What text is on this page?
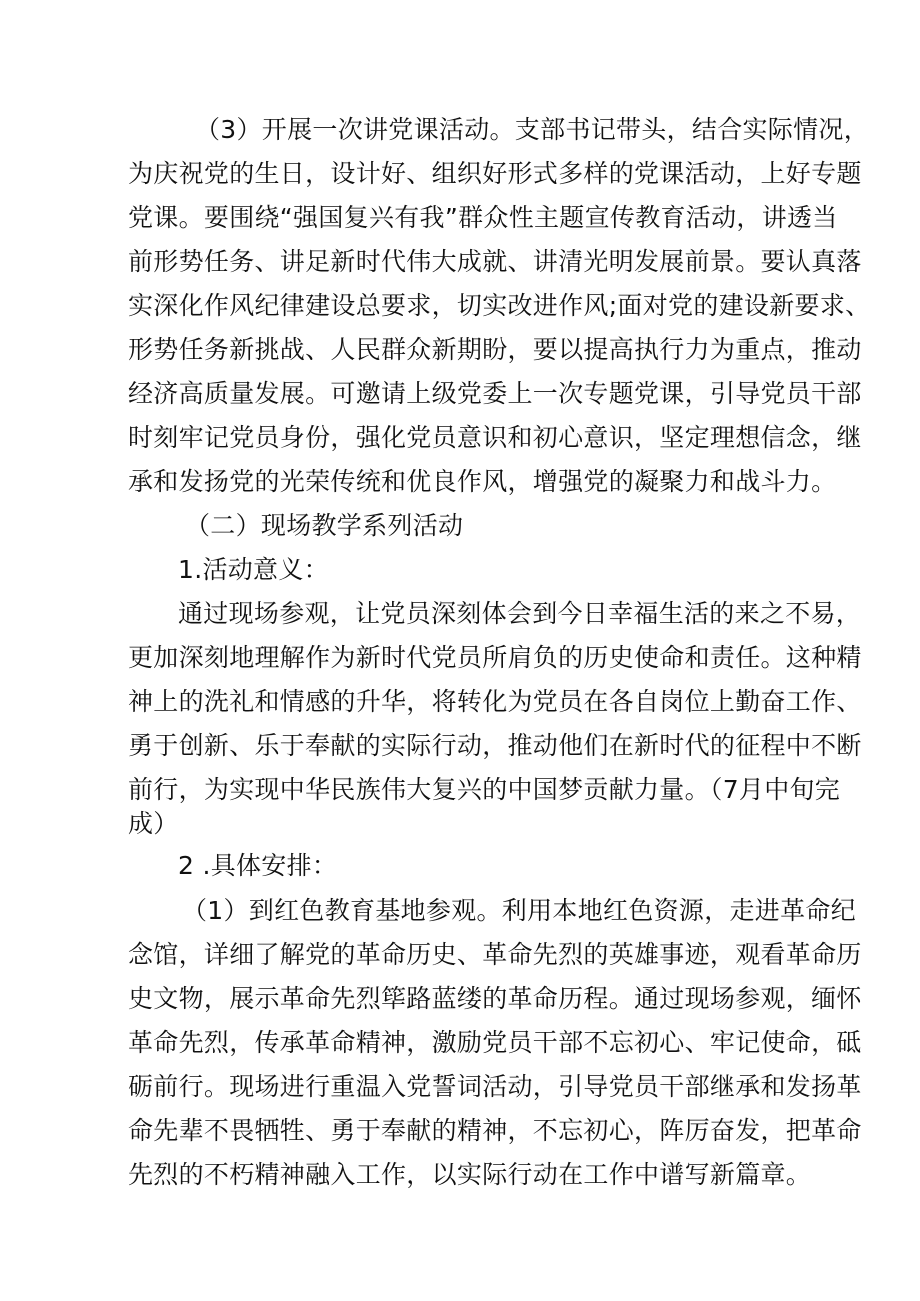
（3）开展一次讲党课活动。支部书记带头，结合实际情况，
为庆祝党的生日，设计好、组织好形式多样的党课活动，上好专题
党课。要围绕“强国复兴有我”群众性主题宣传教育活动，讲透当
前形势任务、讲足新时代伟大成就、讲清光明发展前景。要认真落
实深化作风纪律建设总要求，切实改进作风;面对党的建设新要求、
形势任务新挑战、人民群众新期盼，要以提高执行力为重点，推动
经济高质量发展。可邀请上级党委上一次专题党课，引导党员干部
时刻牢记党员身份，强化党员意识和初心意识，坚定理想信念，继
承和发扬党的光荣传统和优良作风，增强党的凝聚力和战斗力。
（二）现场教学系列活动
1.活动意义：
通过现场参观，让党员深刻体会到今日幸福生活的来之不易，
更加深刻地理解作为新时代党员所肩负的历史使命和责任。这种精
神上的洗礼和情感的升华，将转化为党员在各自岗位上勤奋工作、
勇于创新、乐于奉献的实际行动，推动他们在新时代的征程中不断
前行，为实现中华民族伟大复兴的中国梦贡献力量。（7月中旬完
成）
2 .具体安排：
（1）到红色教育基地参观。利用本地红色资源，走进革命纪
念馆，详细了解党的革命历史、革命先烈的英雄事迹，观看革命历
史文物，展示革命先烈筚路蓝缕的革命历程。通过现场参观，缅怀
革命先烈，传承革命精神，激励党员干部不忘初心、牢记使命，砥
砺前行。现场进行重温入党誓词活动，引导党员干部继承和发扬革
命先辈不畏牺牲、勇于奉献的精神，不忘初心，阵厉奋发，把革命
先烈的不朽精神融入工作，以实际行动在工作中谱写新篇章。
